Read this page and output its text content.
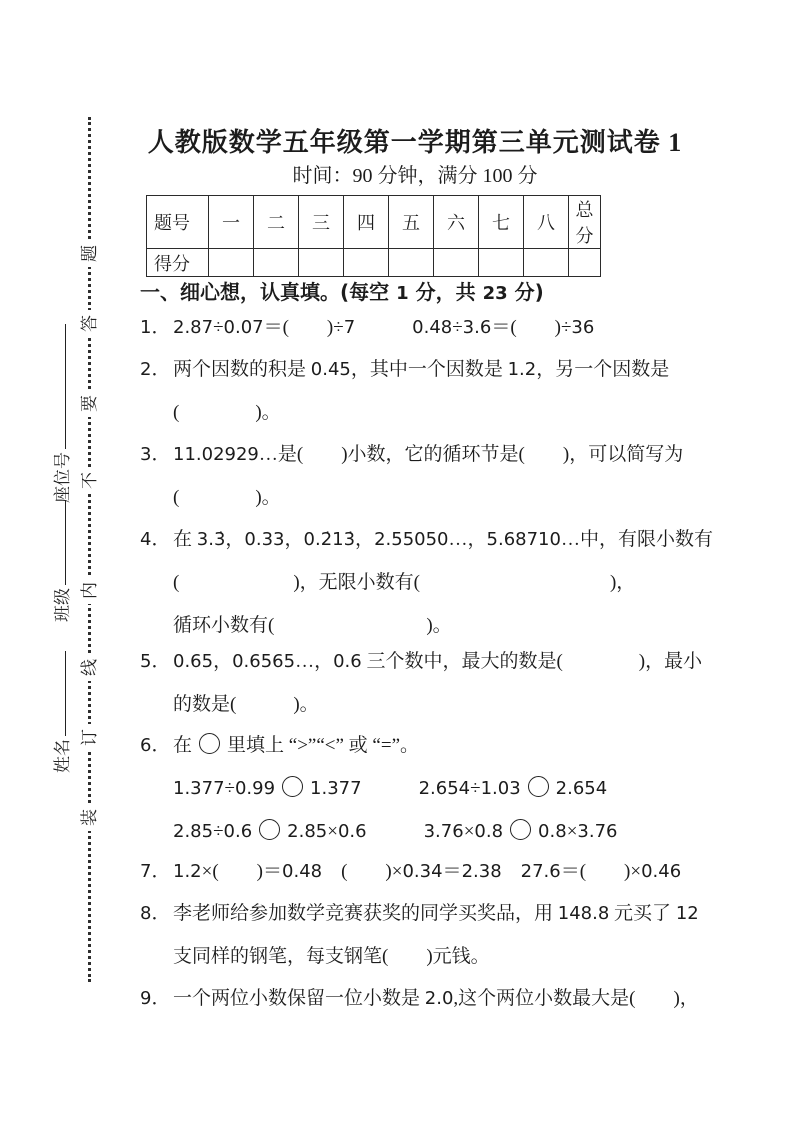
装
订
线
内
不
要
答
题
姓名
班级
座位号
人教版数学五年级第一学期第三单元测试卷 1
时间：90 分钟，满分 100 分
题号	一	二	三	四	五	六	七	八	总分
得分									
一、细心想，认真填。(每空 1 分，共 23 分)
1． 2.87÷0.07＝(　　)÷7　　　	0.48÷3.6＝(　　)÷36
2． 两个因数的积是 0.45，其中一个因数是 1.2，另一个因数是
(　　　　)。
3． 11.02929…是(　　)小数，它的循环节是(　　)，可以简写为
(　　　　)。
4． 在 3.3̇，0.33，0.2̇13̇，2.55050…，5.68710…中，有限小数有
(　　　　　　)，无限小数有(　　　　　　　　　　)，
循环小数有(　　　　　　　　)。
5． 0.65，0.6565…，0.6 三个数中，最大的数是(　　　　)，最小
的数是(　　　)。
6． 在 里填上 “>”“<” 或 “=”。
1.377÷0.99 1.377　　　	2.654÷1.03 2.654
2.85÷0.6 2.85×0.6　　　	3.76×0.8 0.8×3.76
7． 1.2×(　　)＝0.48　(　　)×0.34＝2.38　 27.6＝(　　)×0.46
8． 李老师给参加数学竞赛获奖的同学买奖品，用 148.8 元买了 12
支同样的钢笔，每支钢笔(　　)元钱。
9． 一个两位小数保留一位小数是 2.0,这个两位小数最大是(　　)，
